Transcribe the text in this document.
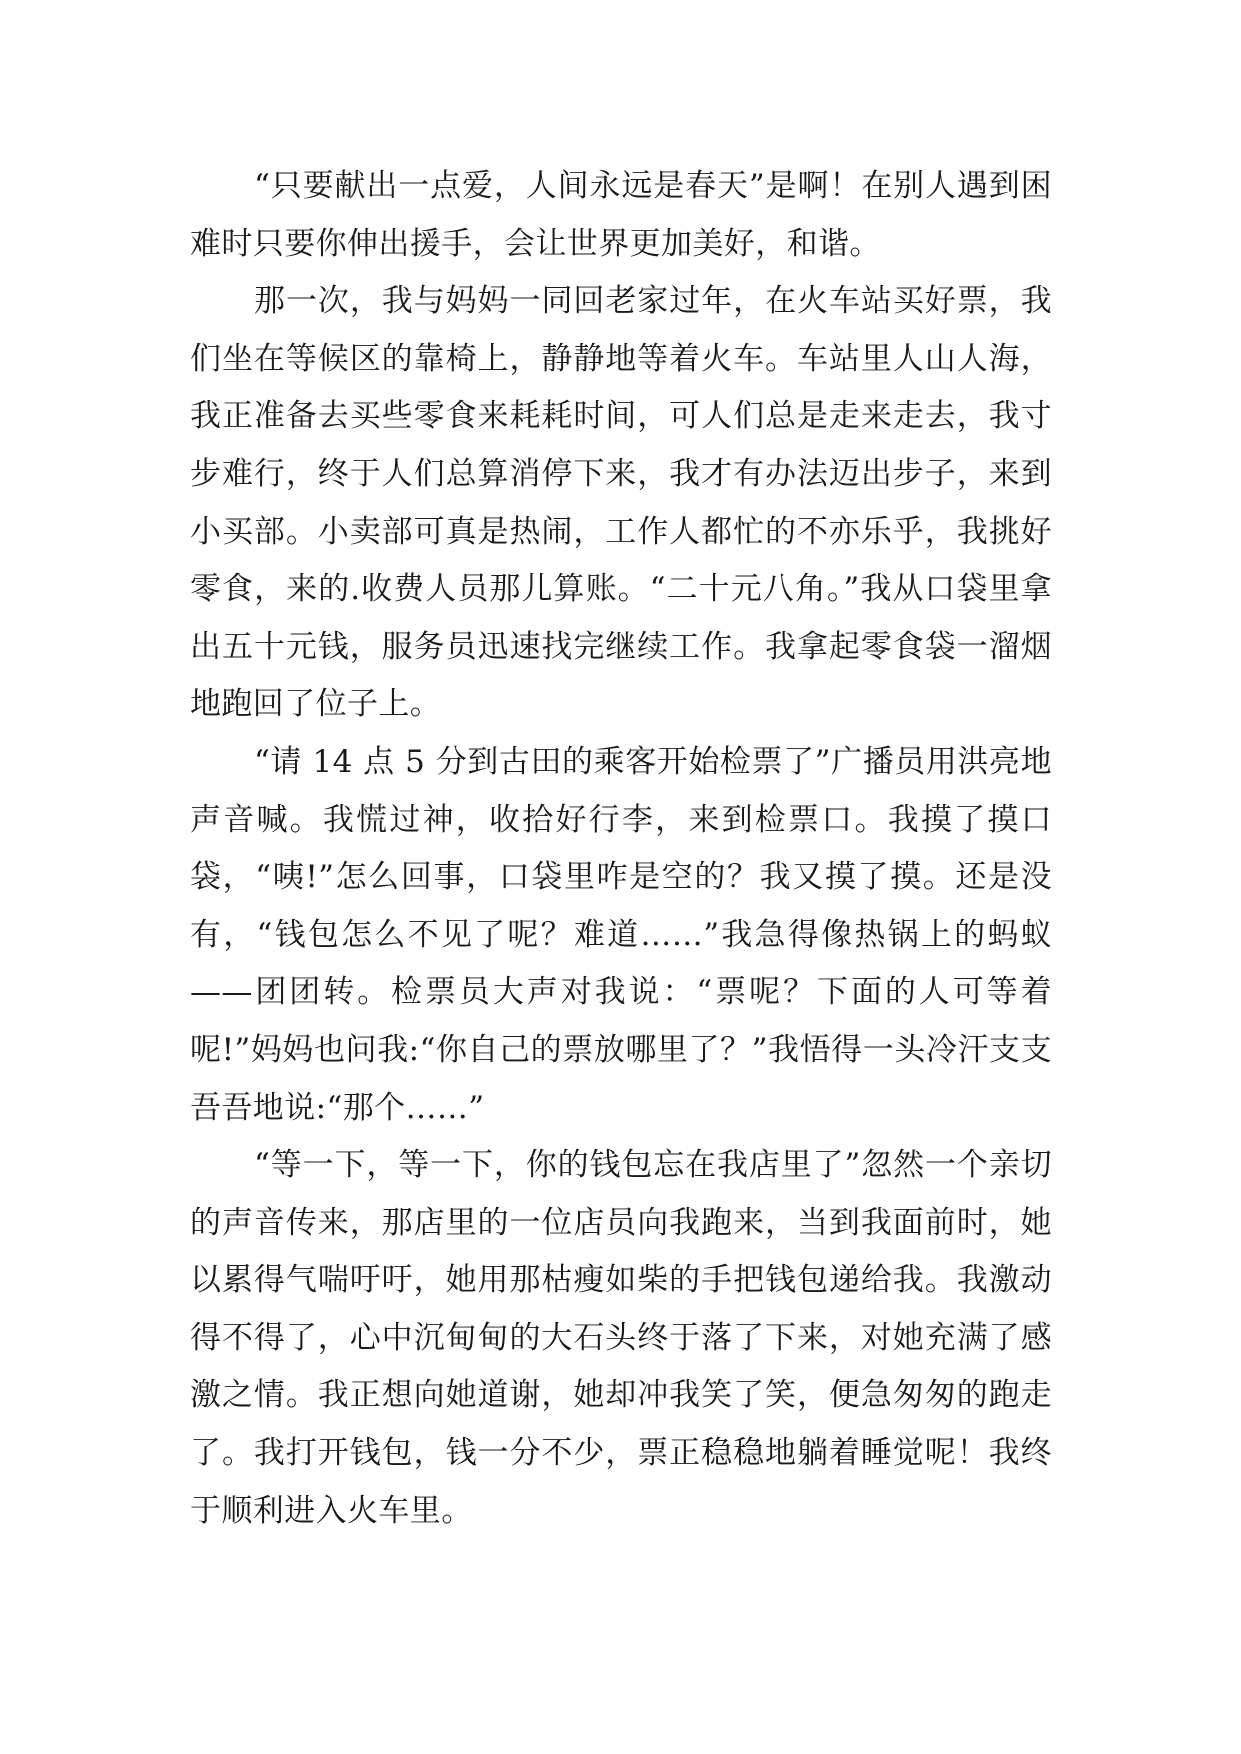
“只要献出一点爱，人间永远是春天”是啊！在别人遇到困难时只要你伸出援手，会让世界更加美好，和谐。

那一次，我与妈妈一同回老家过年，在火车站买好票，我们坐在等候区的靠椅上，静静地等着火车。车站里人山人海，我正准备去买些零食来耗耗时间，可人们总是走来走去，我寸步难行，终于人们总算消停下来，我才有办法迈出步子，来到小买部。小卖部可真是热闹，工作人都忙的不亦乐乎，我挑好零食，来的.收费人员那儿算账。“二十元八角。”我从口袋里拿出五十元钱，服务员迅速找完继续工作。我拿起零食袋一溜烟地跑回了位子上。

“请 14 点 5 分到古田的乘客开始检票了”广播员用洪亮地声音喊。我慌过神，收拾好行李，来到检票口。我摸了摸口袋，“咦!”怎么回事，口袋里咋是空的？我又摸了摸。还是没有，“钱包怎么不见了呢？难道……”我急得像热锅上的蚂蚁——团团转。检票员大声对我说：“票呢？下面的人可等着呢!”妈妈也问我:“你自己的票放哪里了？”我悟得一头冷汗支支吾吾地说:“那个……”

“等一下，等一下，你的钱包忘在我店里了”忽然一个亲切的声音传来，那店里的一位店员向我跑来，当到我面前时，她以累得气喘吁吁，她用那枯瘦如柴的手把钱包递给我。我激动得不得了，心中沉甸甸的大石头终于落了下来，对她充满了感激之情。我正想向她道谢，她却冲我笑了笑，便急匆匆的跑走了。我打开钱包，钱一分不少，票正稳稳地躺着睡觉呢！我终于顺利进入火车里。
